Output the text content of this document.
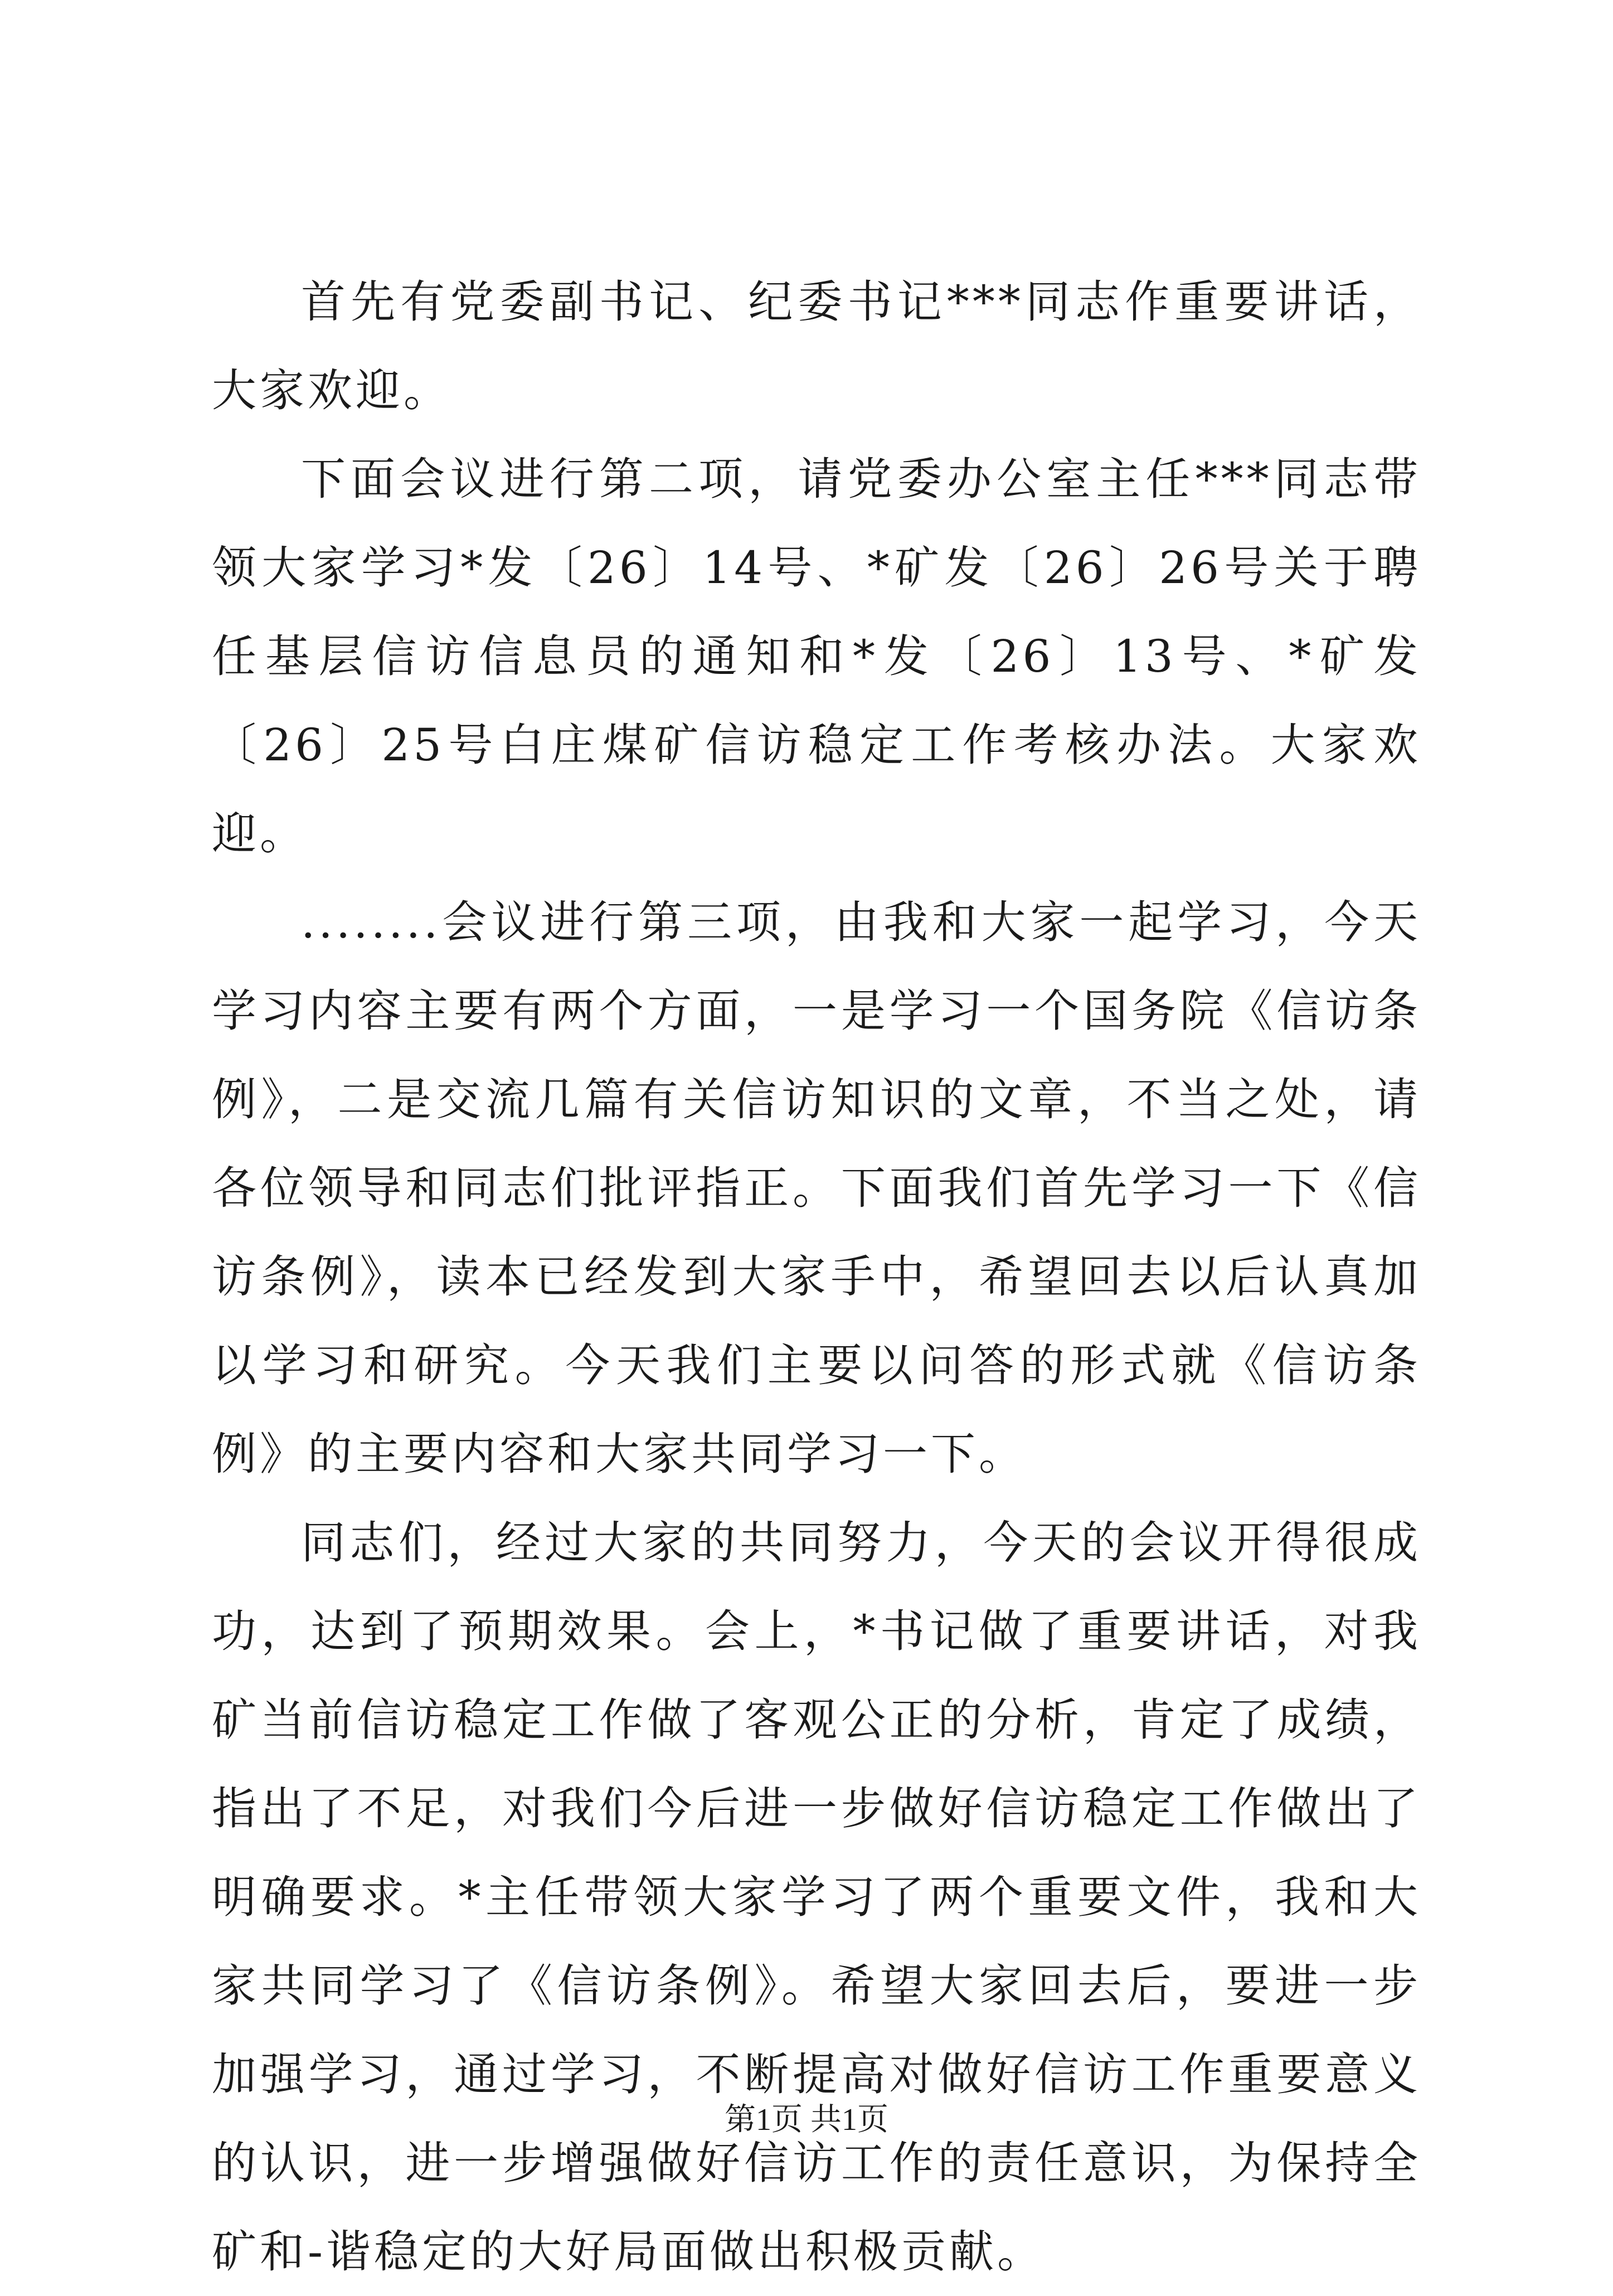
首先有党委副书记、纪委书记***同志作重要讲话，大家欢迎。

下面会议进行第二项，请党委办公室主任***同志带领大家学习*发〔26〕14号、*矿发〔26〕26号关于聘任基层信访信息员的通知和*发〔26〕13号、*矿发〔26〕25号白庄煤矿信访稳定工作考核办法。大家欢迎。

........会议进行第三项，由我和大家一起学习，今天学习内容主要有两个方面，一是学习一个国务院《信访条例》，二是交流几篇有关信访知识的文章，不当之处，请各位领导和同志们批评指正。下面我们首先学习一下《信访条例》，读本已经发到大家手中，希望回去以后认真加以学习和研究。今天我们主要以问答的形式就《信访条例》的主要内容和大家共同学习一下。

同志们，经过大家的共同努力，今天的会议开得很成功，达到了预期效果。会上，*书记做了重要讲话，对我矿当前信访稳定工作做了客观公正的分析，肯定了成绩，指出了不足，对我们今后进一步做好信访稳定工作做出了明确要求。*主任带领大家学习了两个重要文件，我和大家共同学习了《信访条例》。希望大家回去后，要进一步加强学习，通过学习，不断提高对做好信访工作重要意义的认识，进一步增强做好信访工作的责任意识，为保持全矿和-谐稳定的大好局面做出积极贡献。

第1页 共1页
